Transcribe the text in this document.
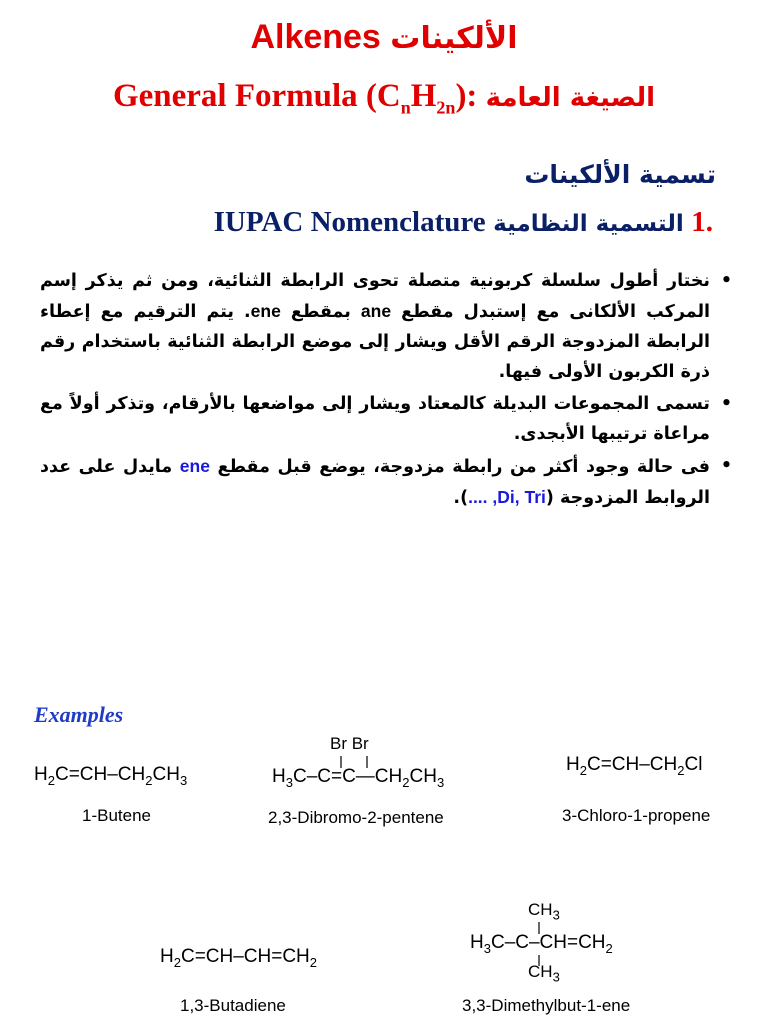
Alkenes الألكينات
General Formula $(C_nH_{2n})$: الصيغة العامة
تسمية الألكينات
.1 التسمية النظامية IUPAC Nomenclature
• نختار أطول سلسلة كربونية متصلة تحوى الرابطة الثنائية، ومن ثم يذكر إسم المركب الألكانى مع إستبدل مقطع ane بمقطع ene. يتم الترقيم مع إعطاء الرابطة المزدوجة الرقم الأقل ويشار إلى موضع الرابطة الثنائية باستخدام رقم ذرة الكربون الأولى فيها.
• تسمى المجموعات البديلة كالمعتاد ويشار إلى مواضعها بالأرقام، وتذكر أولاً مع مراعاة ترتيبها الأبجدى.
• فى حالة وجود أكثر من رابطة مزدوجة، يوضع قبل مقطع ene مايدل على عدد الروابط المزدوجة (Di, Tri, ....).
Examples
$H_2C=CH-CH_2CH_3$
1-Butene
Br Br
$H_3C-C=C—CH_2CH_3$
2,3-Dibromo-2-pentene
$H_2C=CH-CH_2Cl$
3-Chloro-1-propene
$H_2C=CH-CH=CH_2$
1,3-Butadiene
$CH_3$
$H_3C-C-CH=CH_2$
$CH_3$
3,3-Dimethylbut-1-ene
